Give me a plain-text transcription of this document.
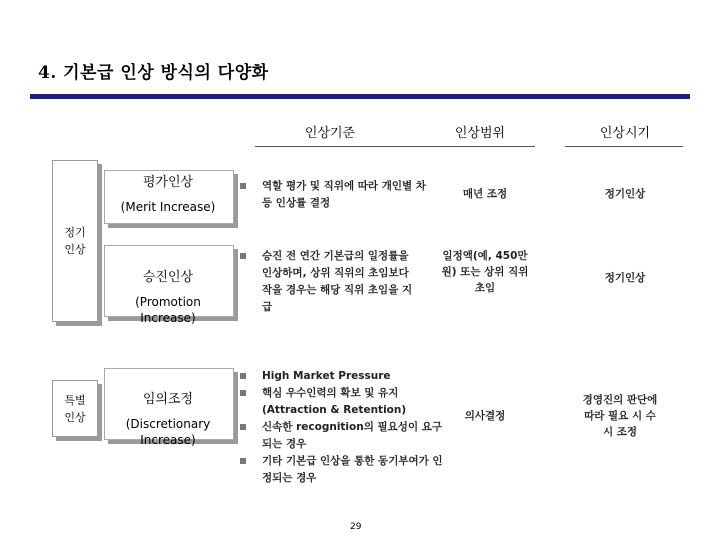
4. 기본급 인상 방식의 다양화
인상기준	인상범위	인상시기
정기
인상
특별
인상
평가인상
(Merit Increase)

승진인상
(Promotion
Increase)

임의조정
(Discretionary
Increase)

역할 평가 및 직위에 따라 개인별 차등 인상률 결정
승진 전 연간 기본급의 일정률을 인상하며, 상위 직위의 초임보다 작을 경우는 해당 직위 초임을 지급
High Market Pressure
핵심 우수인력의 확보 및 유지 (Attraction & Retention)
신속한 recognition의 필요성이 요구되는 경우
기타 기본급 인상을 통한 동기부여가 인정되는 경우
매년 조정
일정액(예, 450만원) 또는 상위 직위 초임
의사결정
정기인상
정기인상
경영진의 판단에 따라 필요 시 수시 조정
29
